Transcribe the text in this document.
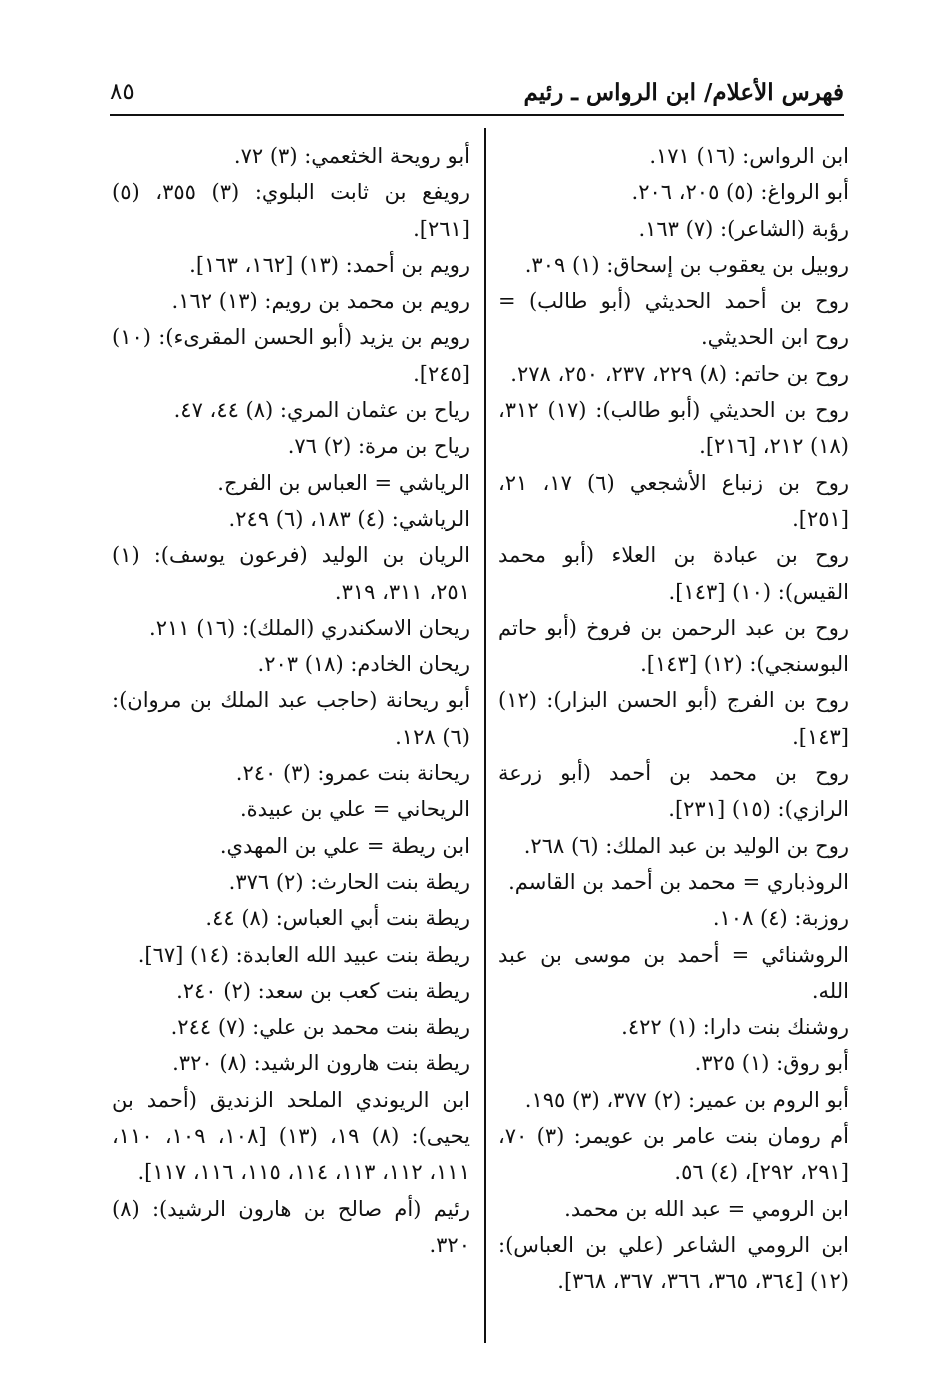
فهرس الأعلام/ ابن الرواس ـ رئيم
٨٥

ابن الرواس: (١٦) ١٧١.

أبو الرواغ: (٥) ٢٠٥، ٢٠٦.

رؤبة (الشاعر): (٧) ١٦٣.

روبيل بن يعقوب بن إسحاق: (١) ٣٠٩.

روح بن أحمد الحديثي (أبو طالب) = روح ابن الحديثي.

روح بن حاتم: (٨) ٢٢٩، ٢٣٧، ٢٥٠، ٢٧٨.

روح بن الحديثي (أبو طالب): (١٧) ٣١٢، (١٨) ٢١٢، [٢١٦].

روح بن زنباع الأشجعي (٦) ١٧، ٢١، [٢٥١].

روح بن عبادة بن العلاء (أبو محمد القيس): (١٠) [١٤٣].

روح بن عبد الرحمن بن فروخ (أبو حاتم البوسنجي): (١٢) [١٤٣].

روح بن الفرج (أبو الحسن البزار): (١٢) [١٤٣].

روح بن محمد بن أحمد (أبو زرعة الرازي): (١٥) [٢٣١].

روح بن الوليد بن عبد الملك: (٦) ٢٦٨.

الروذباري = محمد بن أحمد بن القاسم.

روزبة: (٤) ١٠٨.

الروشنائي = أحمد بن موسى بن عبد الله.

روشنك بنت دارا: (١) ٤٢٢.

أبو روق: (١) ٣٢٥.

أبو الروم بن عمير: (٢) ٣٧٧، (٣) ١٩٥.

أم رومان بنت عامر بن عويمر: (٣) ٧٠، [٢٩١، ٢٩٢]، (٤) ٥٦.

ابن الرومي = عبد الله بن محمد.

ابن الرومي الشاعر (علي بن العباس): (١٢) [٣٦٤، ٣٦٥، ٣٦٦، ٣٦٧، ٣٦٨].

أبو رويحة الخثعمي: (٣) ٧٢.

رويفع بن ثابت البلوي: (٣) ٣٥٥، (٥) [٢٦١].

رويم بن أحمد: (١٣) [١٦٢، ١٦٣].

رويم بن محمد بن رويم: (١٣) ١٦٢.

رويم بن يزيد (أبو الحسن المقرىء): (١٠) [٢٤٥].

رياح بن عثمان المري: (٨) ٤٤، ٤٧.

رياح بن مرة: (٢) ٧٦.

الرياشي = العباس بن الفرج.

الرياشي: (٤) ١٨٣، (٦) ٢٤٩.

الريان بن الوليد (فرعون يوسف): (١) ٢٥١، ٣١١، ٣١٩.

ريحان الاسكندري (الملك): (١٦) ٢١١.

ريحان الخادم: (١٨) ٢٠٣.

أبو ريحانة (حاجب عبد الملك بن مروان): (٦) ١٢٨.

ريحانة بنت عمرو: (٣) ٢٤٠.

الريحاني = علي بن عبيدة.

ابن ريطة = علي بن المهدي.

ريطة بنت الحارث: (٢) ٣٧٦.

ريطة بنت أبي العباس: (٨) ٤٤.

ريطة بنت عبيد الله العابدة: (١٤) [٦٧].

ريطة بنت كعب بن سعد: (٢) ٢٤٠.

ريطة بنت محمد بن علي: (٧) ٢٤٤.

ريطة بنت هارون الرشيد: (٨) ٣٢٠.

ابن الريوندي الملحد الزنديق (أحمد بن يحيى): (٨) ١٩، (١٣) [١٠٨، ١٠٩، ١١٠، ١١١، ١١٢، ١١٣، ١١٤، ١١٥، ١١٦، ١١٧].

رئيم (أم صالح بن هارون الرشيد): (٨) ٣٢٠.
